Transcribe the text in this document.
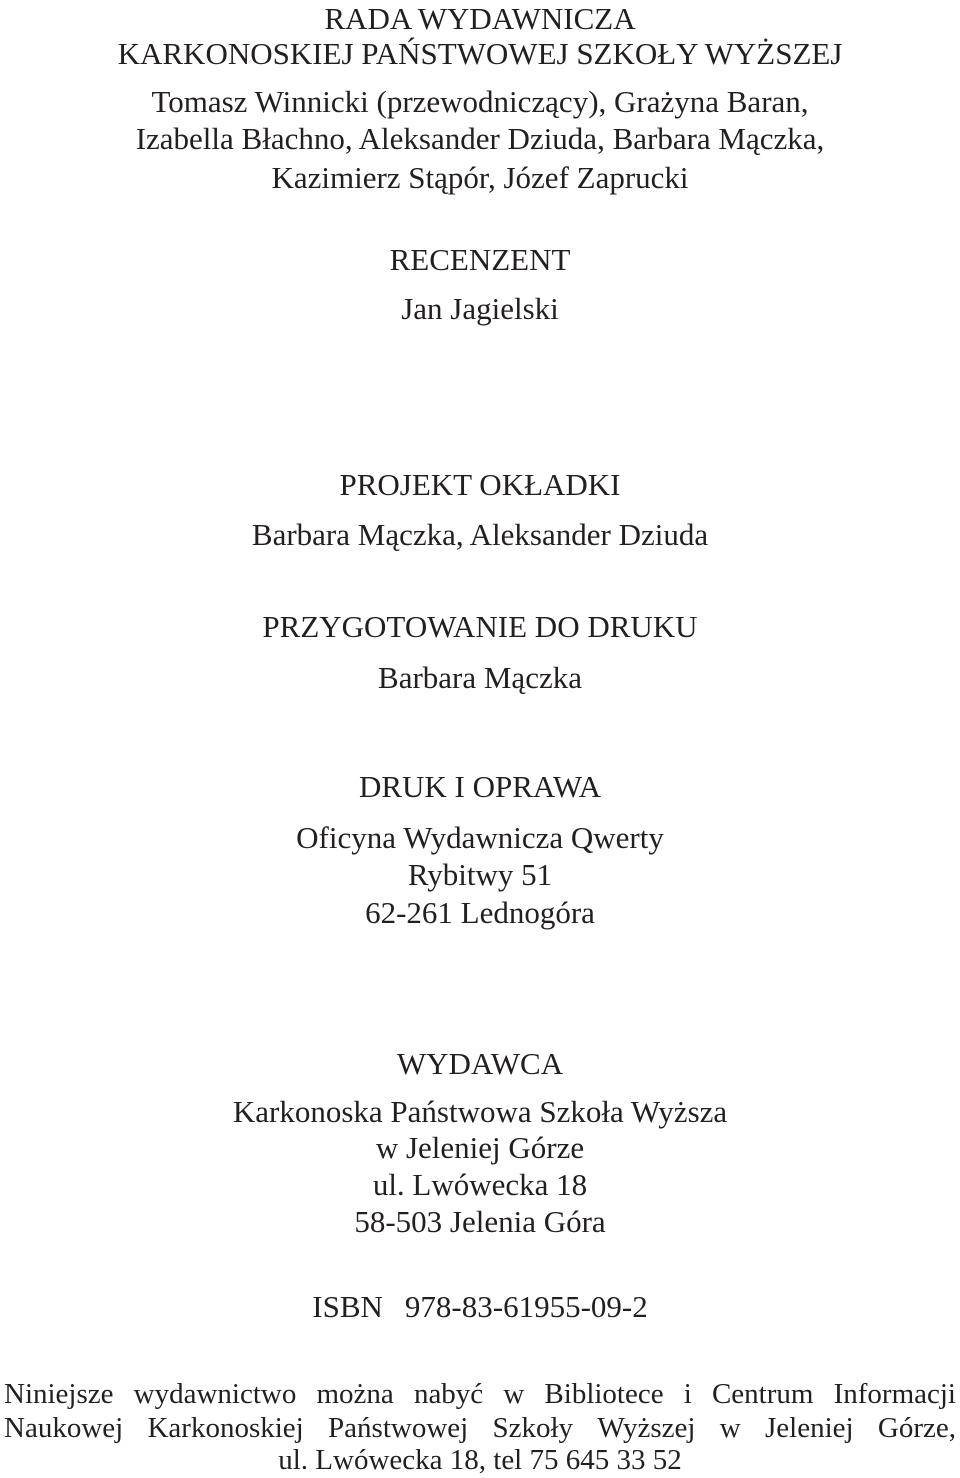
RADA WYDAWNICZA
KARKONOSKIEJ PAŃSTWOWEJ SZKOŁY WYŻSZEJ
Tomasz Winnicki (przewodniczący), Grażyna Baran,
Izabella Błachno, Aleksander Dziuda, Barbara Mączka,
Kazimierz Stąpór, Józef Zaprucki
RECENZENT
Jan Jagielski
PROJEKT OKŁADKI
Barbara Mączka, Aleksander Dziuda
PRZYGOTOWANIE DO DRUKU
Barbara Mączka
DRUK I OPRAWA
Oficyna Wydawnicza Qwerty
Rybitwy 51
62-261 Lednogóra
WYDAWCA
Karkonoska Państwowa Szkoła Wyższa
w Jeleniej Górze
ul. Lwówecka 18
58-503 Jelenia Góra
ISBN 978-83-61955-09-2
Niniejsze wydawnictwo można nabyć w Bibliotece i Centrum Informacji
Naukowej Karkonoskiej Państwowej Szkoły Wyższej w Jeleniej Górze,
ul. Lwówecka 18, tel 75 645 33 52
